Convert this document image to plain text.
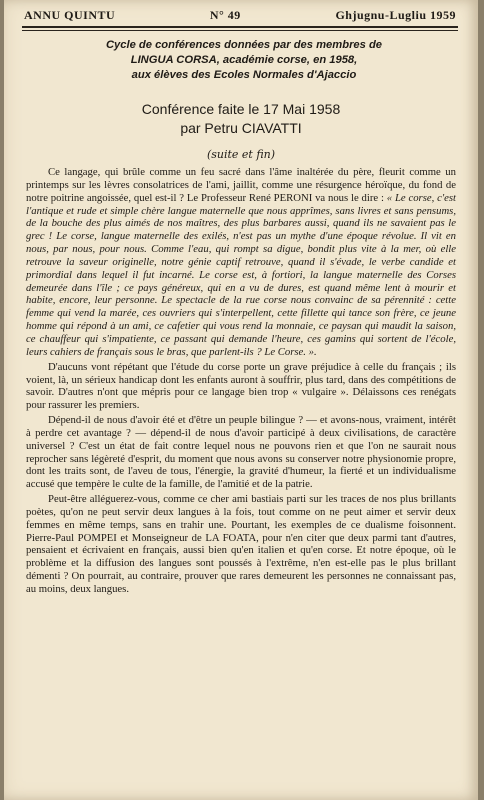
ANNU QUINTU	N° 49	Ghjugnu-Lugliu 1959
Cycle de conférences données par des membres de
LINGUA CORSA, académie corse, en 1958,
aux élèves des Ecoles Normales d'Ajaccio
Conférence faite le 17 Mai 1958
par Petru CIAVATTI
(suite et fin)

Ce langage, qui brûle comme un feu sacré dans l'âme inaltérée du père, fleurit comme un printemps sur les lèvres consolatrices de l'ami, jaillit, comme une résurgence héroïque, du fond de notre poitrine angoissée, quel est-il ? Le Professeur René PERONI va nous le dire : « Le corse, c'est l'antique et rude et simple chère langue maternelle que nous apprîmes, sans livres et sans pensums, de la bouche des plus aimés de nos maîtres, des plus barbares aussi, quand ils ne savaient pas le grec ! Le corse, langue maternelle des exilés, n'est pas un mythe d'une époque révolue. Il vit en nous, par nous, pour nous. Comme l'eau, qui rompt sa digue, bondit plus vite à la mer, où elle retrouve la saveur originelle, notre génie captif retrouve, quand il s'évade, le verbe candide et primordial dans lequel il fut incarné. Le corse est, à fortiori, la langue maternelle des Corses demeurée dans l'île ; ce pays généreux, qui en a vu de dures, est quand même lent à mourir et habite, encore, leur personne. Le spectacle de la rue corse nous convainc de sa pérennité : cette femme qui vend la marée, ces ouvriers qui s'interpellent, cette fillette qui tance son frère, ce jeune homme qui répond à un ami, ce cafetier qui vous rend la monnaie, ce paysan qui maudit la saison, ce chauffeur qui s'impatiente, ce passant qui demande l'heure, ces gamins qui sortent de l'école, leurs cahiers de français sous le bras, que parlent-ils ? Le Corse. ».

D'aucuns vont répétant que l'étude du corse porte un grave préjudice à celle du français ; ils voient, là, un sérieux handicap dont les enfants auront à souffrir, plus tard, dans des compétitions de savoir. D'autres n'ont que mépris pour ce langage bien trop « vulgaire ». Délaissons ces renégats pour rassurer les premiers.

Dépend-il de nous d'avoir été et d'être un peuple bilingue ? — et avons-nous, vraiment, intérêt à perdre cet avantage ? — dépend-il de nous d'avoir participé à deux civilisations, de caractère universel ? C'est un état de fait contre lequel nous ne pouvons rien et que l'on ne saurait nous reprocher sans légèreté d'esprit, du moment que nous avons su conserver notre physionomie propre, dont les traits sont, de l'aveu de tous, l'énergie, la gravité d'humeur, la fierté et un individualisme accusé que tempère le culte de la famille, de l'amitié et de la patrie.

Peut-être alléguerez-vous, comme ce cher ami bastiais parti sur les traces de nos plus brillants poètes, qu'on ne peut servir deux langues à la fois, tout comme on ne peut aimer et servir deux femmes en même temps, sans en trahir une. Pourtant, les exemples de ce dualisme foisonnent. Pierre-Paul POMPEI et Monseigneur de LA FOATA, pour n'en citer que deux parmi tant d'autres, pensaient et écrivaient en français, aussi bien qu'en italien et qu'en corse. Et notre époque, où le problème et la diffusion des langues sont poussés à l'extrême, n'en est-elle pas le plus brillant démenti ? On pourrait, au contraire, prouver que rares demeurent les personnes ne connaissant pas, au moins, deux langues.
